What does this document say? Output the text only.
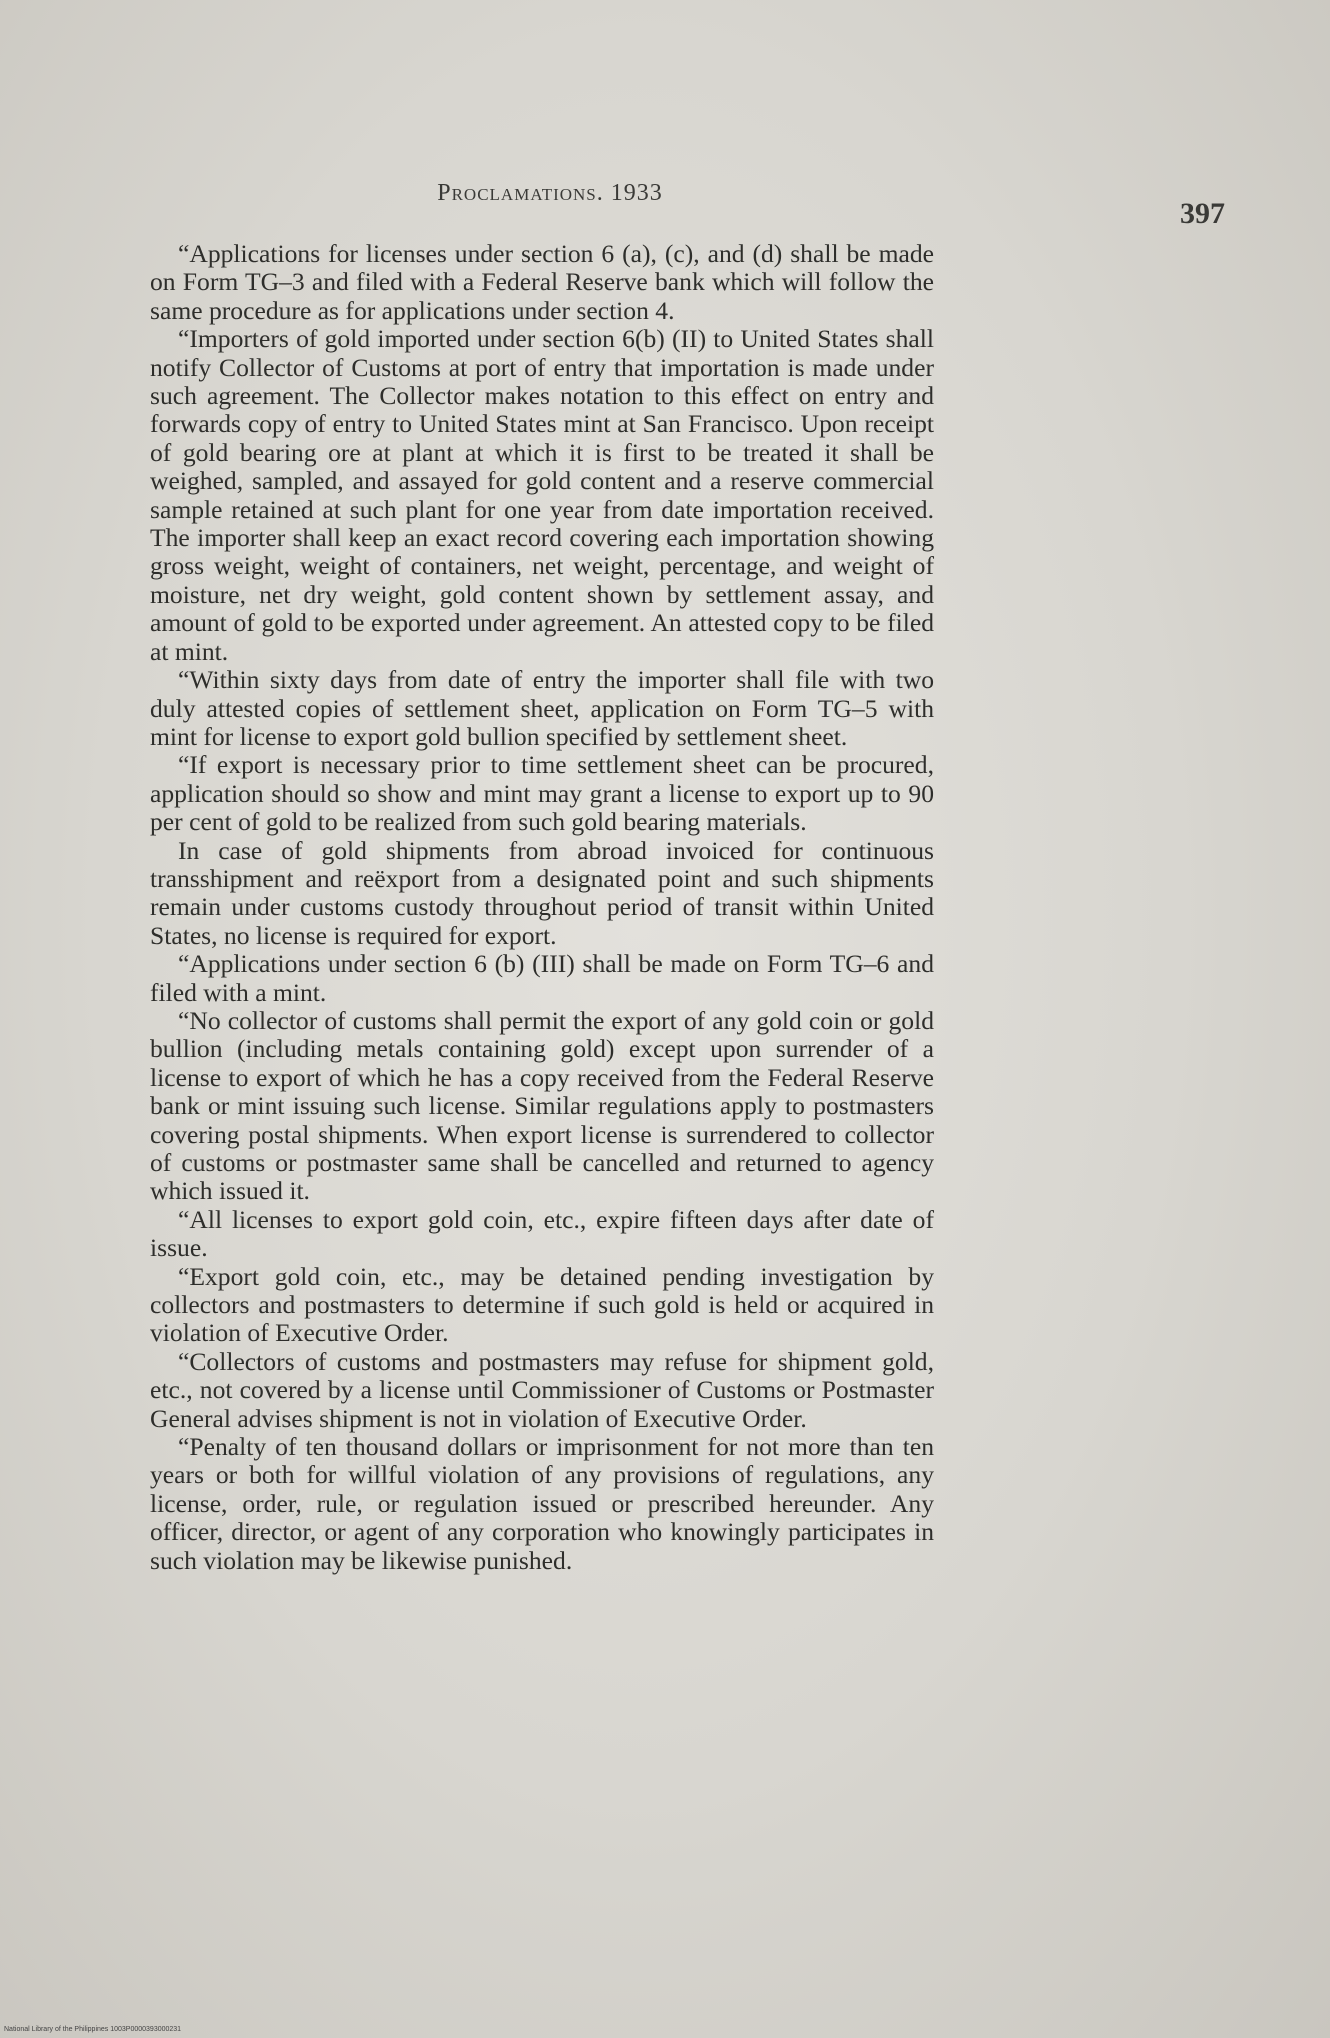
Proclamations. 1933
397

“Applications for licenses under section 6 (a), (c), and (d) shall be made on Form TG–3 and filed with a Federal Reserve bank which will follow the same procedure as for applications under section 4.

“Importers of gold imported under section 6(b) (II) to United States shall notify Collector of Customs at port of entry that importation is made under such agreement. The Collector makes notation to this effect on entry and forwards copy of entry to United States mint at San Francisco. Upon receipt of gold bearing ore at plant at which it is first to be treated it shall be weighed, sampled, and assayed for gold content and a reserve commercial sample retained at such plant for one year from date importation received. The importer shall keep an exact record covering each importation showing gross weight, weight of containers, net weight, percentage, and weight of moisture, net dry weight, gold content shown by settlement assay, and amount of gold to be exported under agreement. An attested copy to be filed at mint.

“Within sixty days from date of entry the importer shall file with two duly attested copies of settlement sheet, application on Form TG–5 with mint for license to export gold bullion specified by settlement sheet.

“If export is necessary prior to time settlement sheet can be procured, application should so show and mint may grant a license to export up to 90 per cent of gold to be realized from such gold bearing materials.

In case of gold shipments from abroad invoiced for continuous transshipment and reëxport from a designated point and such shipments remain under customs custody throughout period of transit within United States, no license is required for export.

“Applications under section 6 (b) (III) shall be made on Form TG–6 and filed with a mint.

“No collector of customs shall permit the export of any gold coin or gold bullion (including metals containing gold) except upon surrender of a license to export of which he has a copy received from the Federal Reserve bank or mint issuing such license. Similar regulations apply to postmasters covering postal shipments. When export license is surrendered to collector of customs or postmaster same shall be cancelled and returned to agency which issued it.

“All licenses to export gold coin, etc., expire fifteen days after date of issue.

“Export gold coin, etc., may be detained pending investigation by collectors and postmasters to determine if such gold is held or acquired in violation of Executive Order.

“Collectors of customs and postmasters may refuse for shipment gold, etc., not covered by a license until Commissioner of Customs or Postmaster General advises shipment is not in violation of Executive Order.

“Penalty of ten thousand dollars or imprisonment for not more than ten years or both for willful violation of any provisions of regulations, any license, order, rule, or regulation issued or prescribed hereunder. Any officer, director, or agent of any corporation who knowingly participates in such violation may be likewise punished.

National Library of the Philippines 1003P0000393000231
